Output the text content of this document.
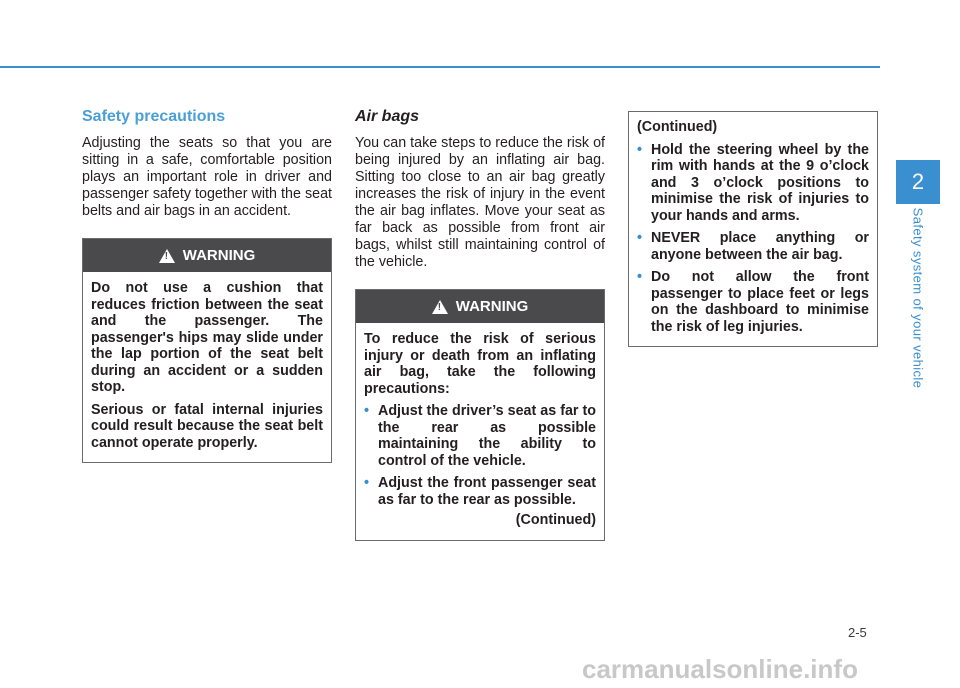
Safety precautions
Adjusting the seats so that you are sitting in a safe, comfortable position plays an important role in driver and passenger safety together with the seat belts and air bags in an accident.
! WARNING

Do not use a cushion that reduces friction between the seat and the passenger. The passenger's hips may slide under the lap portion of the seat belt during an accident or a sudden stop.

Serious or fatal internal injuries could result because the seat belt cannot operate properly.

Air bags
You can take steps to reduce the risk of being injured by an inflating air bag. Sitting too close to an air bag greatly increases the risk of injury in the event the air bag inflates. Move your seat as far back as possible from front air bags, whilst still maintaining control of the vehicle.
! WARNING

To reduce the risk of serious injury or death from an inflating air bag, take the following precautions:

• Adjust the driver’s seat as far to the rear as possible maintaining the ability to control of the vehicle.
• Adjust the front passenger seat as far to the rear as possible.
(Continued)

(Continued)

• Hold the steering wheel by the rim with hands at the 9 o’clock and 3 o’clock positions to minimise the risk of injuries to your hands and arms.
• NEVER place anything or anyone between the air bag.
• Do not allow the front passenger to place feet or legs on the dashboard to minimise the risk of leg injuries.
2
Safety system of your vehicle
2-5
carmanualsonline.info
